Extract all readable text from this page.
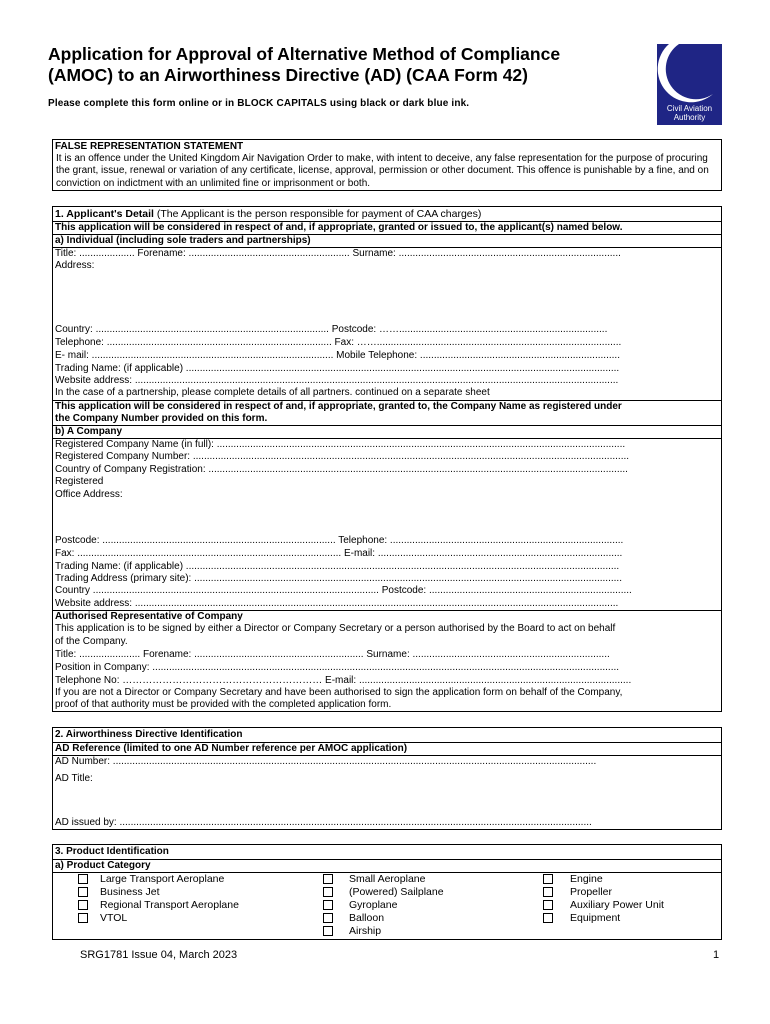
Application for Approval of Alternative Method of Compliance
(AMOC) to an Airworthiness Directive (AD) (CAA Form 42)
Please complete this form online or in BLOCK CAPITALS using black or dark blue ink.	Civil Aviation
Authority
FALSE REPRESENTATION STATEMENT
It is an offence under the United Kingdom Air Navigation Order to make, with intent to deceive, any false representation for the purpose of procuring the grant, issue, renewal or variation of any certificate, license, approval, permission or other document. This offence is punishable by a fine, and on conviction on indictment with an unlimited fine or imprisonment or both.
1. Applicant's Detail (The Applicant is the person responsible for payment of CAA charges)
This application will be considered in respect of and, if appropriate, granted or issued to, the applicant(s) named below.
a) Individual (including sole traders and partnerships)
Title: .................... Forename: .......................................................... Surname: ................................................................................
Address:
Country: .................................................................................... Postcode: ……...........................................................................
Telephone: ................................................................................. Fax: ……........................................................................................
E- mail: ....................................................................................... Mobile Telephone: ........................................................................
Trading Name: (if applicable) ............................................................................................................................................................
Website address: ..............................................................................................................................................................................
In the case of a partnership, please complete details of all partners. continued on a separate sheet
This application will be considered in respect of and, if appropriate, granted to, the Company Name as registered under
the Company Number provided on this form.
b) A Company
Registered Company Name (in full): ...................................................................................................................................................
Registered Company Number: .............................................................................................................................................................
Country of Company Registration: .......................................................................................................................................................
Registered
Office Address:
Postcode: .................................................................................... Telephone: ....................................................................................
Fax: ............................................................................................... E-mail: ........................................................................................
Trading Name: (if applicable) ............................................................................................................................................................
Trading Address (primary site): ..........................................................................................................................................................
Country ....................................................................................................... Postcode: .........................................................................
Website address: ..............................................................................................................................................................................
Authorised Representative of Company
This application is to be signed by either a Director or Company Secretary or a person authorised by the Board to act on behalf
of the Company.
Title: ...................... Forename: ............................................................. Surname: .......................................................................
Position in Company: ........................................................................................................................................................................
Telephone No: …………………………………………………… E-mail: ..................................................................................................
If you are not a Director or Company Secretary and have been authorised to sign the application form on behalf of the Company,
proof of that authority must be provided with the completed application form.
2. Airworthiness Directive Identification
AD Reference (limited to one AD Number reference per AMOC application)
AD Number: ..............................................................................................................................................................................
AD Title:
AD issued by: ..........................................................................................................................................................................
3. Product Identification
a) Product Category
Large Transport Aeroplane
Business Jet
Regional Transport Aeroplane
VTOL
Small Aeroplane
(Powered) Sailplane
Gyroplane
Balloon
Airship
Engine
Propeller
Auxiliary Power Unit
Equipment
SRG1781 Issue 04, March 2023	1
